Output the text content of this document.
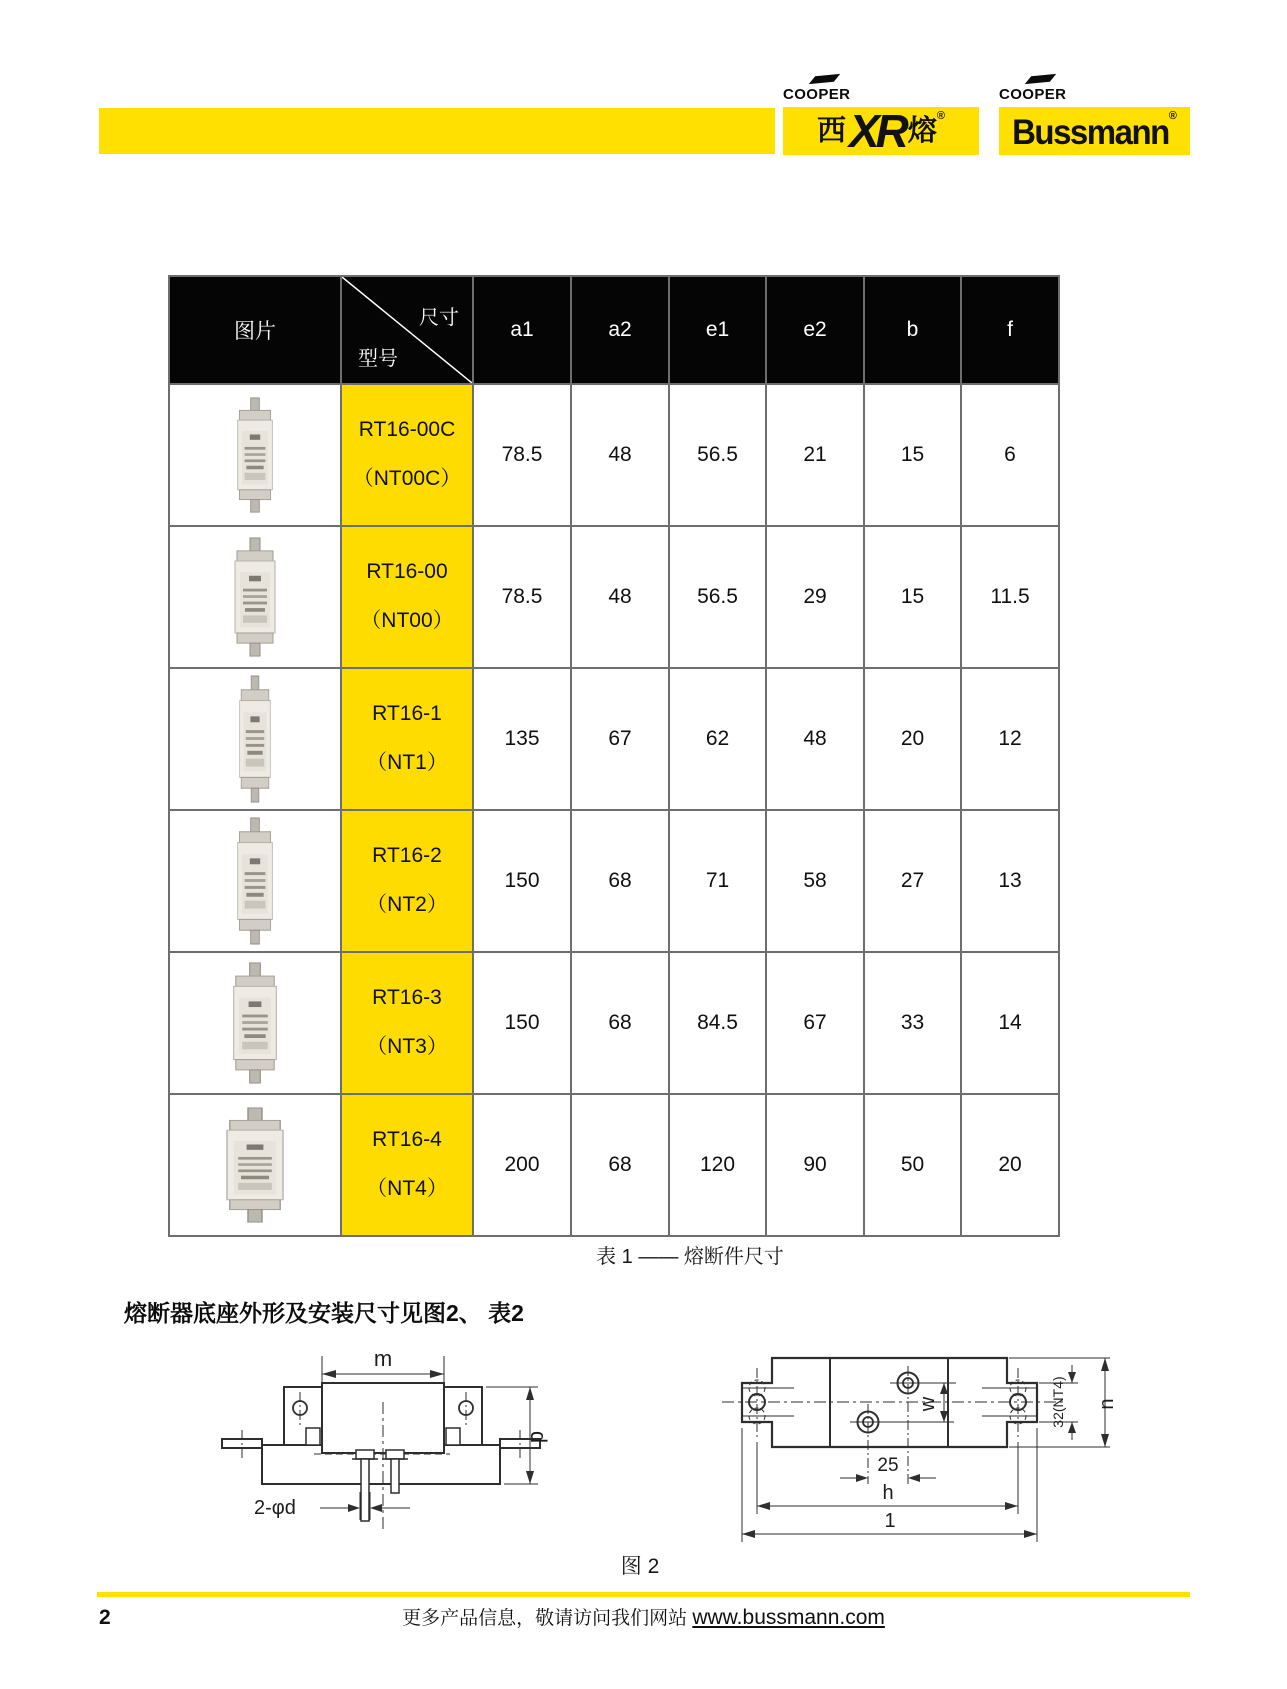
COOPER
西 XR 熔 ®
COOPER
Bussmann ®
图片	尺寸
型号	a1	a2	e1	e2	b	f

RT16-00C
（NT00C）	78.5	48	56.5	21	15	6

RT16-00
（NT00）	78.5	48	56.5	29	15	11.5

RT16-1
（NT1）	135	67	62	48	20	12

RT16-2
（NT2）	150	68	71	58	27	13

RT16-3
（NT3）	150	68	84.5	67	33	14

RT16-4
（NT4）	200	68	120	90	50	20
表 1 —— 熔断件尺寸
熔断器底座外形及安装尺寸见图2、 表2
m
p
2-φd
w
25
h
1
32(NT4) n
图 2
2	更多产品信息，敬请访问我们网站 www.bussmann.com
